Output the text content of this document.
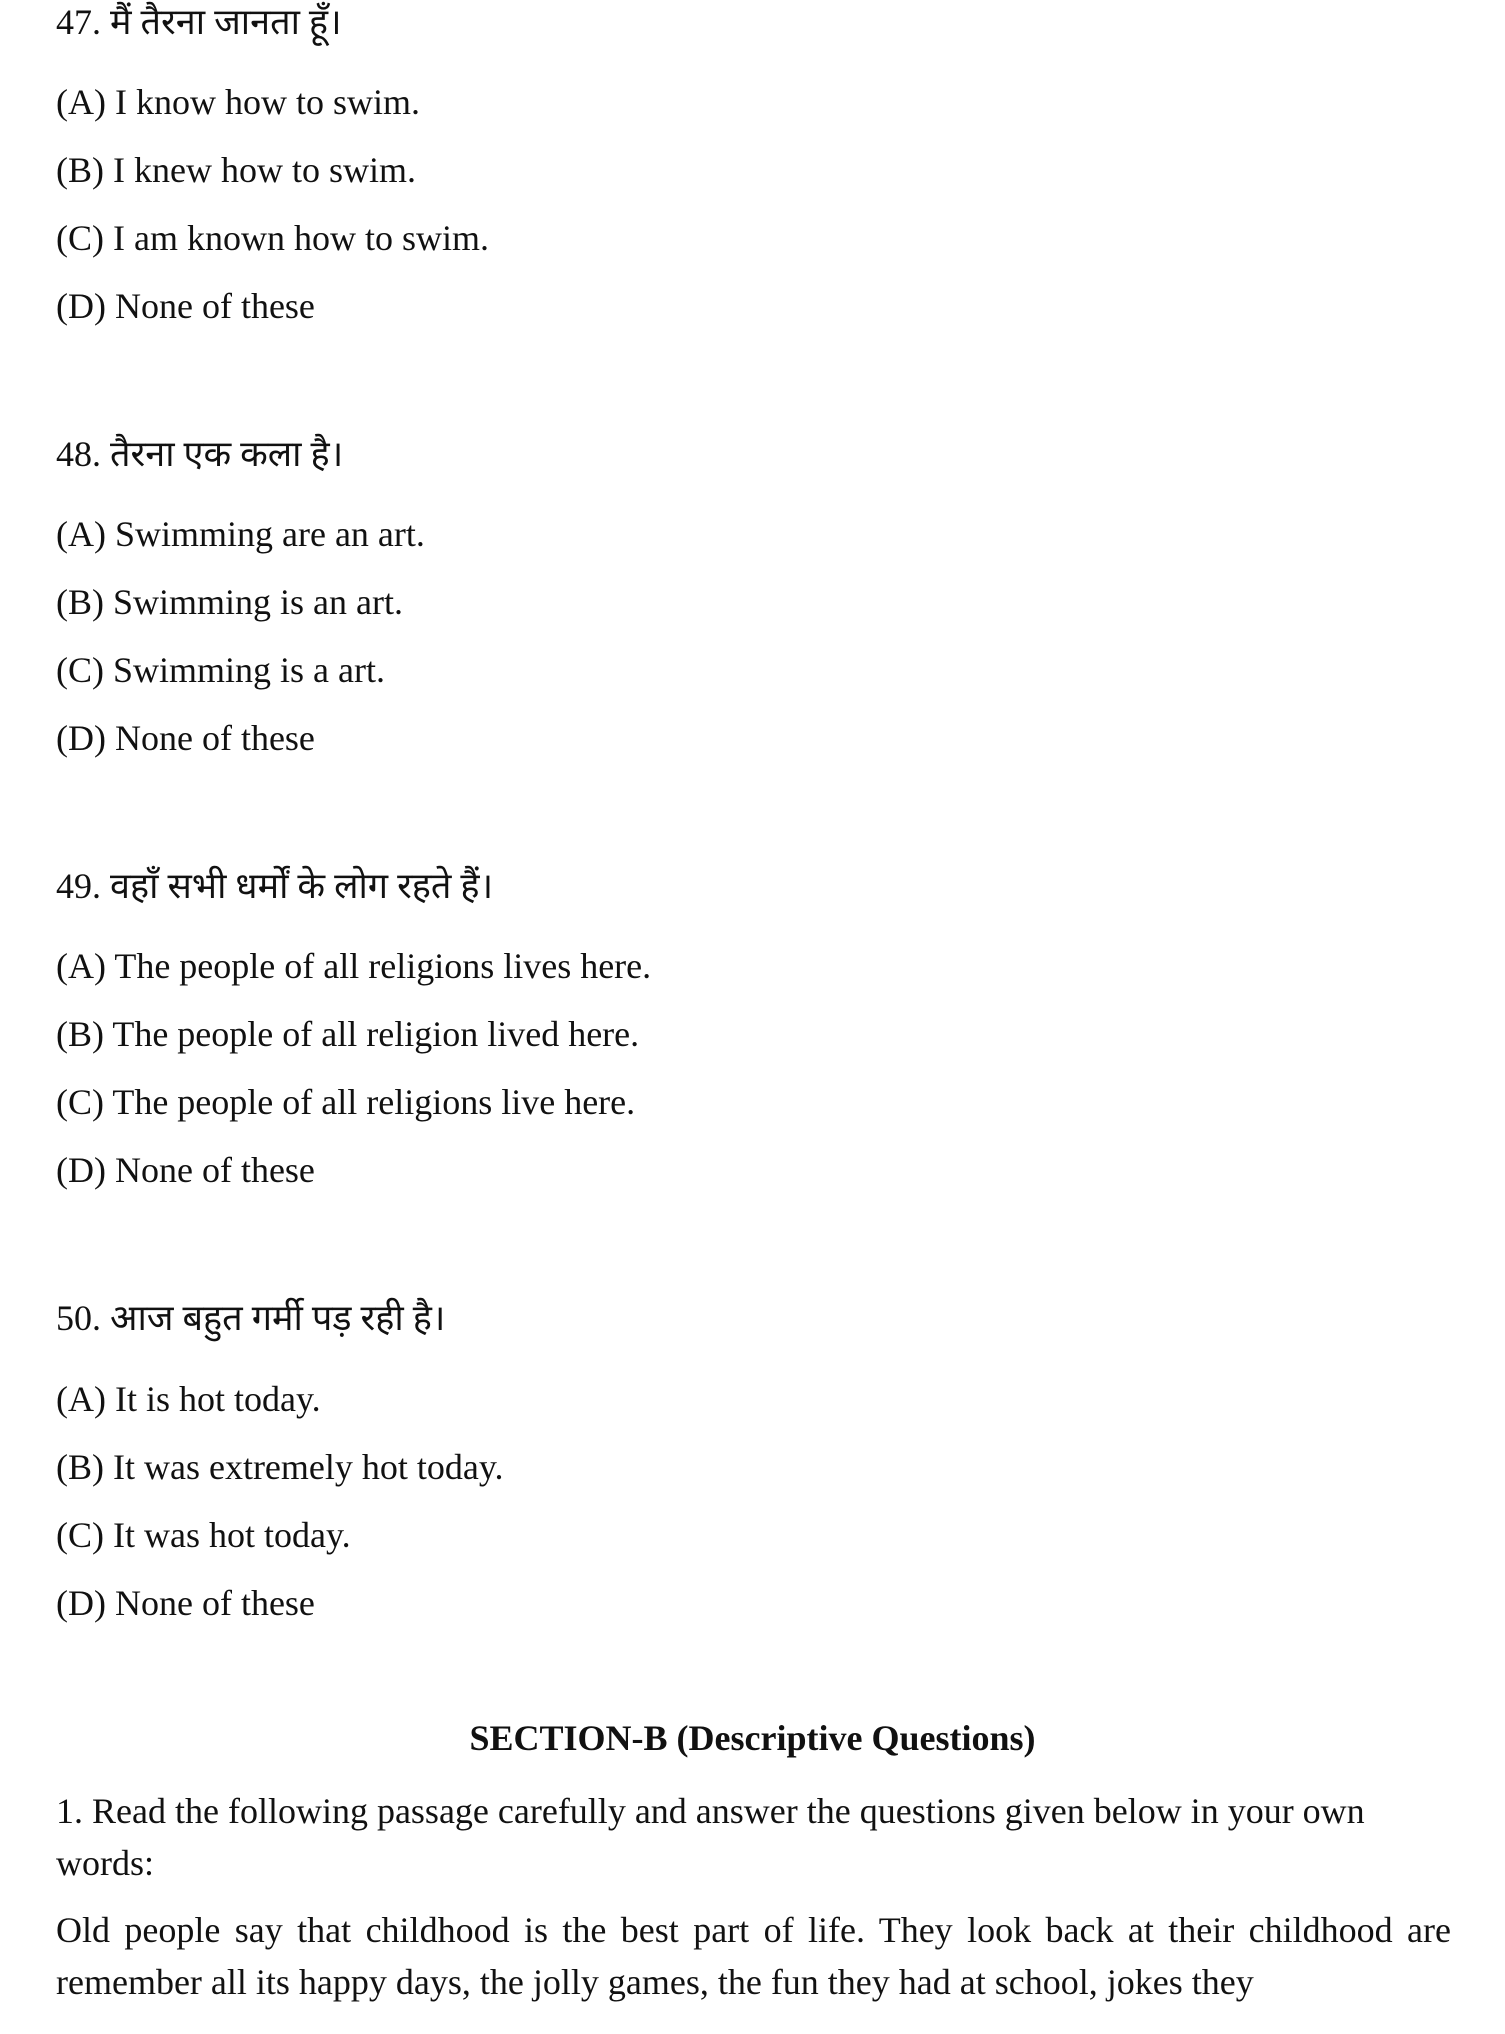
47. मैं तैरना जानता हूँ।
(A) I know how to swim.
(B) I knew how to swim.
(C) I am known how to swim.
(D) None of these
48. तैरना एक कला है।
(A) Swimming are an art.
(B) Swimming is an art.
(C) Swimming is a art.
(D) None of these
49. वहाँ सभी धर्मों के लोग रहते हैं।
(A) The people of all religions lives here.
(B) The people of all religion lived here.
(C) The people of all religions live here.
(D) None of these
50. आज बहुत गर्मी पड़ रही है।
(A) It is hot today.
(B) It was extremely hot today.
(C) It was hot today.
(D) None of these
SECTION-B (Descriptive Questions)
1. Read the following passage carefully and answer the questions given below in your own words:
Old people say that childhood is the best part of life. They look back at their childhood are remember all its happy days, the jolly games, the fun they had at school, jokes they
